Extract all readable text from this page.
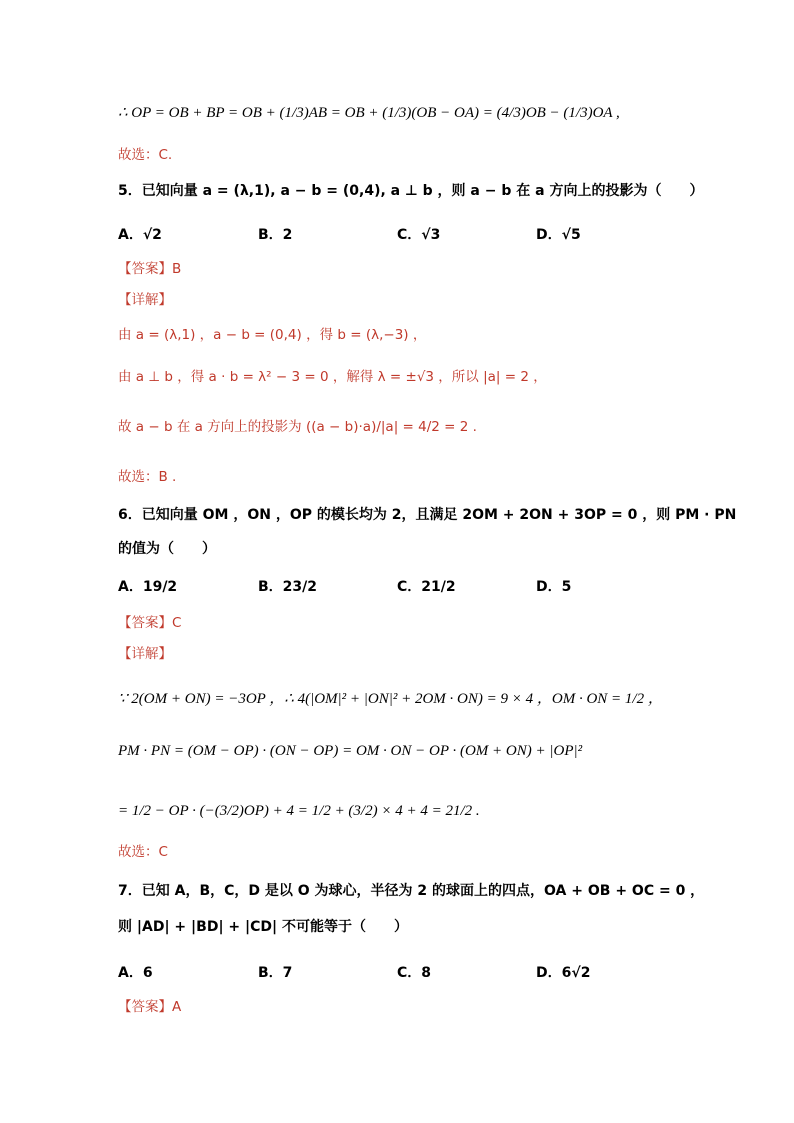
∴ OP = OB + BP = OB + (1/3)AB = OB + (1/3)(OB − OA) = (4/3)OB − (1/3)OA ,
故选：C.
5．已知向量 a = (λ,1), a − b = (0,4), a ⊥ b ，则 a − b 在 a 方向上的投影为（　　）
A．√2	B．2	C．√3	D．√5
【答案】B
【详解】
由 a = (λ,1) ，a − b = (0,4) ，得 b = (λ,−3) ，
由 a ⊥ b ，得 a · b = λ² − 3 = 0 ，解得 λ = ±√3 ，所以 |a| = 2 ，
故 a − b 在 a 方向上的投影为 ((a − b)·a)/|a| = 4/2 = 2 .
故选：B .
6．已知向量 OM ，ON ，OP 的模长均为 2，且满足 2OM + 2ON + 3OP = 0 ，则 PM · PN
的值为（　　）
A．19/2	B．23/2	C．21/2	D．5
【答案】C
【详解】
∵ 2(OM + ON) = −3OP ，∴ 4(|OM|² + |ON|² + 2OM · ON) = 9 × 4 ，OM · ON = 1/2 ，
PM · PN = (OM − OP) · (ON − OP) = OM · ON − OP · (OM + ON) + |OP|²
= 1/2 − OP · (−(3/2)OP) + 4 = 1/2 + (3/2) × 4 + 4 = 21/2 .
故选：C
7．已知 A，B，C，D 是以 O 为球心，半径为 2 的球面上的四点，OA + OB + OC = 0 ，
则 |AD| + |BD| + |CD| 不可能等于（　　）
A．6	B．7	C．8	D．6√2
【答案】A
